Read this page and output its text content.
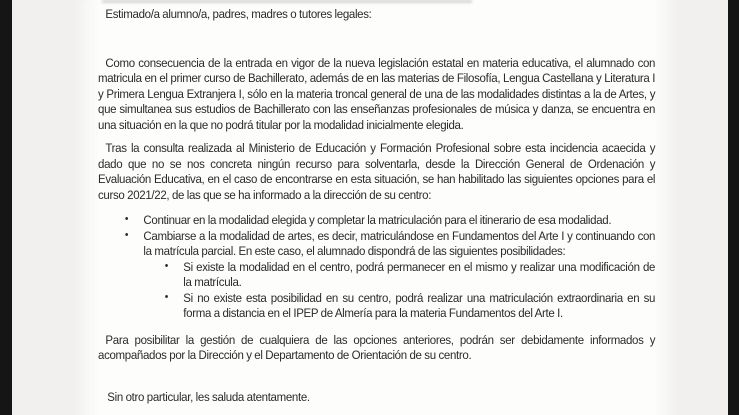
Estimado/a alumno/a, padres, madres o tutores legales:

Como consecuencia de la entrada en vigor de la nueva legislación estatal en materia educativa, el alumnado con matricula en el primer curso de Bachillerato, además de en las materias de Filosofía, Lengua Castellana y Literatura I y Primera Lengua Extranjera I, sólo en la materia troncal general de una de las modalidades distintas a la de Artes, y que simultanea sus estudios de Bachillerato con las enseñanzas profesionales de música y danza, se encuentra en una situación en la que no podrá titular por la modalidad inicialmente elegida.

Tras la consulta realizada al Ministerio de Educación y Formación Profesional sobre esta incidencia acaecida y dado que no se nos concreta ningún recurso para solventarla, desde la Dirección General de Ordenación y Evaluación Educativa, en el caso de encontrarse en esta situación, se han habilitado las siguientes opciones para el curso 2021/22, de las que se ha informado a la dirección de su centro:

• Continuar en la modalidad elegida y completar la matriculación para el itinerario de esa modalidad.
• Cambiarse a la modalidad de artes, es decir, matriculándose en Fundamentos del Arte I y continuando con la matrícula parcial. En este caso, el alumnado dispondrá de las siguientes posibilidades:
• Si existe la modalidad en el centro, podrá permanecer en el mismo y realizar una modificación de la matrícula.
• Si no existe esta posibilidad en su centro, podrá realizar una matriculación extraordinaria en su forma a distancia en el IPEP de Almería para la materia Fundamentos del Arte I.

Para posibilitar la gestión de cualquiera de las opciones anteriores, podrán ser debidamente informados y acompañados por la Dirección y el Departamento de Orientación de su centro.

Sin otro particular, les saluda atentamente.
